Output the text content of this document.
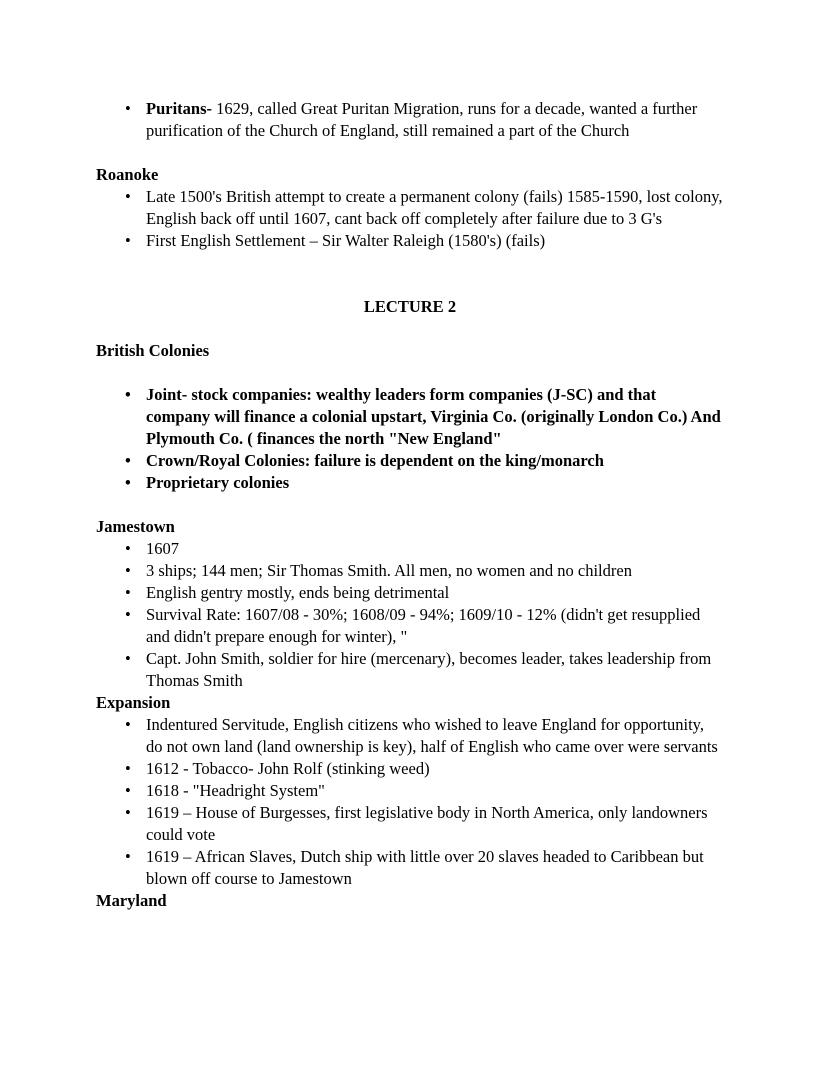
• Puritans- 1629, called Great Puritan Migration, runs for a decade, wanted a further purification of the Church of England, still remained a part of the Church

Roanoke

• Late 1500's British attempt to create a permanent colony (fails) 1585-1590, lost colony, English back off until 1607, cant back off completely after failure due to 3 G's
• First English Settlement – Sir Walter Raleigh (1580's) (fails)

LECTURE 2

British Colonies

• Joint- stock companies: wealthy leaders form companies (J-SC) and that company will finance a colonial upstart, Virginia Co. (originally London Co.) And Plymouth Co. ( finances the north "New England"
• Crown/Royal Colonies: failure is dependent on the king/monarch
• Proprietary colonies

Jamestown

• 1607
• 3 ships; 144 men; Sir Thomas Smith. All men, no women and no children
• English gentry mostly, ends being detrimental
• Survival Rate: 1607/08 - 30%; 1608/09 - 94%; 1609/10 - 12% (didn't get resupplied and didn't prepare enough for winter), "
• Capt. John Smith, soldier for hire (mercenary), becomes leader, takes leadership from Thomas Smith

Expansion

• Indentured Servitude, English citizens who wished to leave England for opportunity, do not own land (land ownership is key), half of English who came over were servants
• 1612 - Tobacco- John Rolf (stinking weed)
• 1618 - "Headright System"
• 1619 – House of Burgesses, first legislative body in North America, only landowners could vote
• 1619 – African Slaves, Dutch ship with little over 20 slaves headed to Caribbean but blown off course to Jamestown

Maryland
